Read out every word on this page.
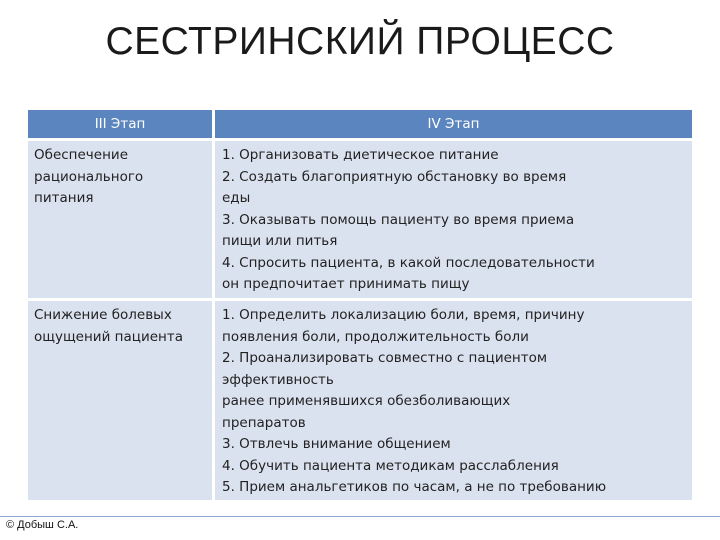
СЕСТРИНСКИЙ ПРОЦЕСС
III Этап	IV Этап
Обеспечение
рационального
питания
1. Организовать диетическое питание
2. Создать благоприятную обстановку во время
еды
3. Оказывать помощь пациенту во время приема
пищи или питья
4. Спросить пациента, в какой последовательности
он предпочитает принимать пищу
Снижение болевых
ощущений пациента
1. Определить локализацию боли, время, причину
появления боли, продолжительность боли
2. Проанализировать совместно с пациентом
эффективность
ранее применявшихся обезболивающих
препаратов
3. Отвлечь внимание общением
4. Обучить пациента методикам расслабления
5. Прием анальгетиков по часам, а не по требованию
© Добыш С.А.
